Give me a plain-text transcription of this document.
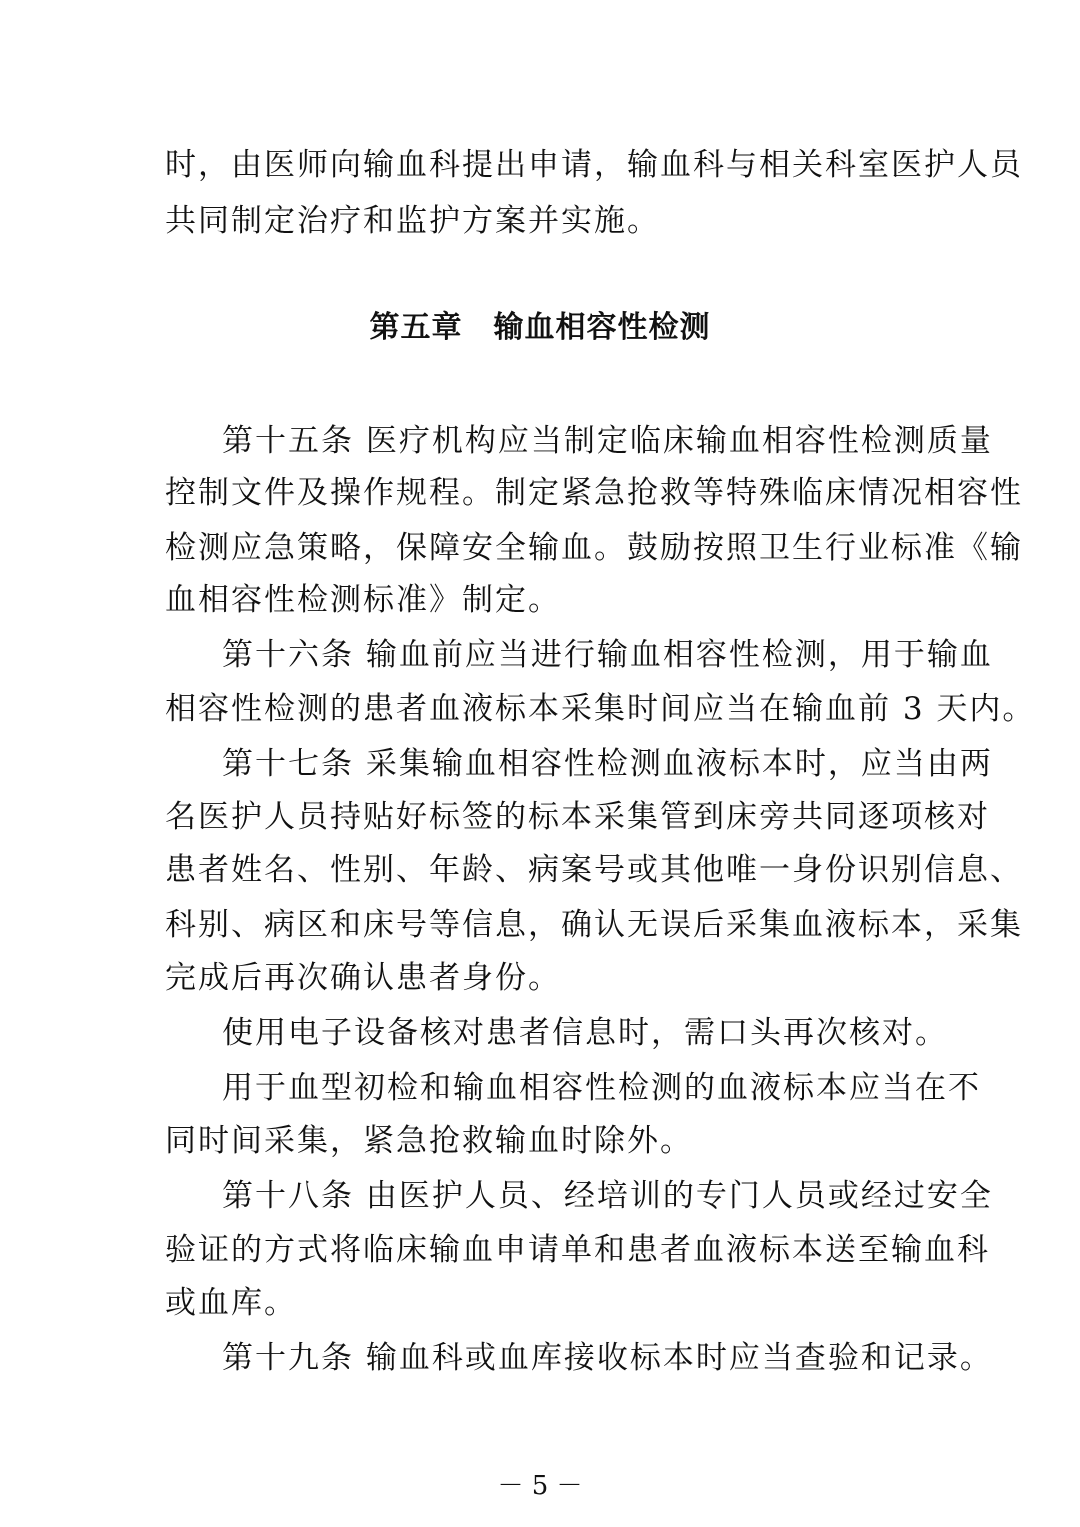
时，由医师向输血科提出申请，输血科与相关科室医护人员
共同制定治疗和监护方案并实施。
第五章　输血相容性检测
第十五条 医疗机构应当制定临床输血相容性检测质量
控制文件及操作规程。制定紧急抢救等特殊临床情况相容性
检测应急策略，保障安全输血。鼓励按照卫生行业标准《输
血相容性检测标准》制定。
第十六条 输血前应当进行输血相容性检测，用于输血
相容性检测的患者血液标本采集时间应当在输血前 3 天内。
第十七条 采集输血相容性检测血液标本时，应当由两
名医护人员持贴好标签的标本采集管到床旁共同逐项核对
患者姓名、性别、年龄、病案号或其他唯一身份识别信息、
科别、病区和床号等信息，确认无误后采集血液标本，采集
完成后再次确认患者身份。
使用电子设备核对患者信息时，需口头再次核对。
用于血型初检和输血相容性检测的血液标本应当在不
同时间采集，紧急抢救输血时除外。
第十八条 由医护人员、经培训的专门人员或经过安全
验证的方式将临床输血申请单和患者血液标本送至输血科
或血库。
第十九条 输血科或血库接收标本时应当查验和记录。
－ 5 －
